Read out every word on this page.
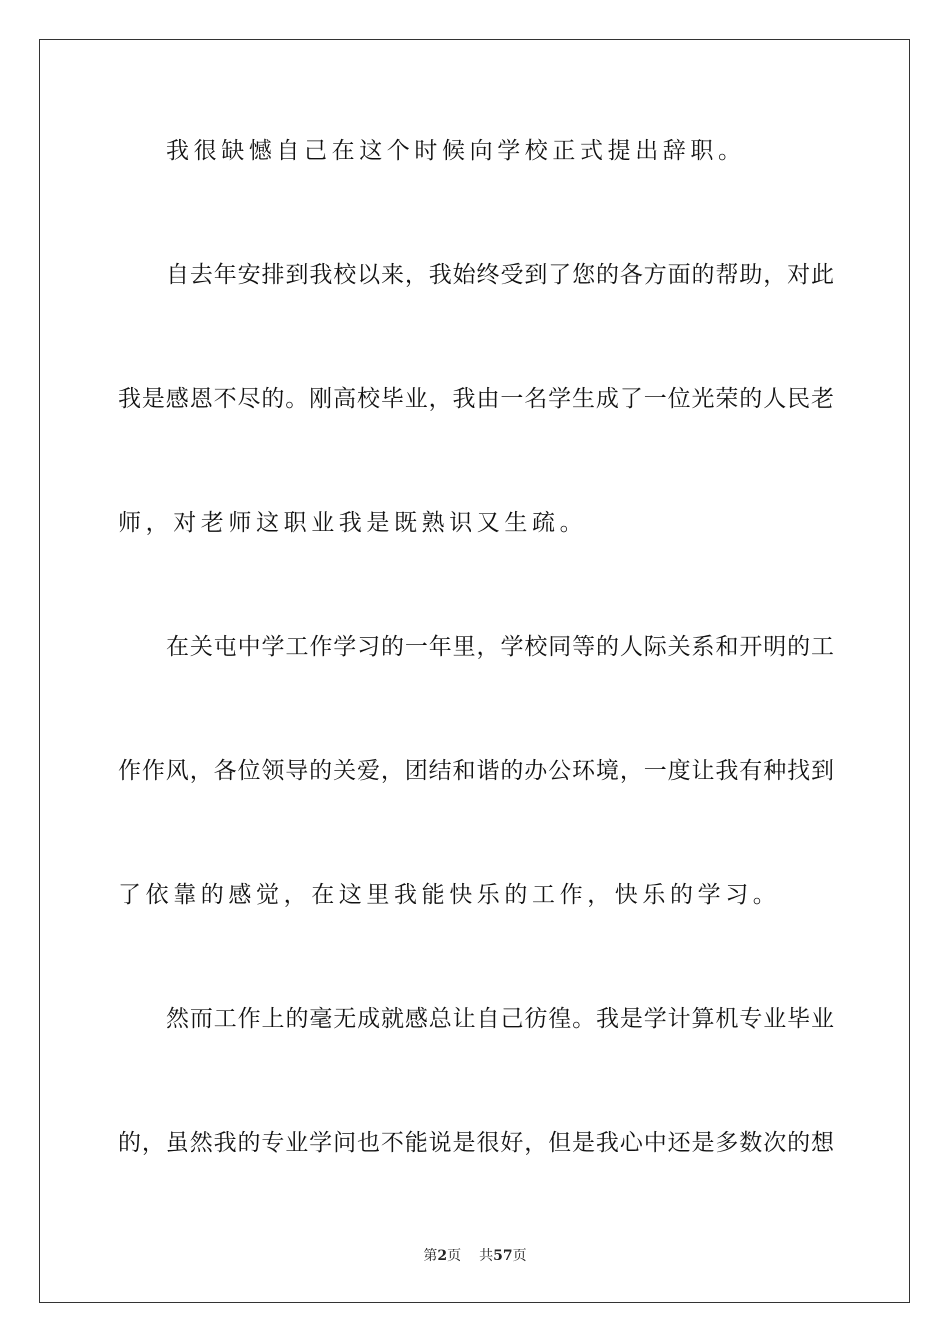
我很缺憾自己在这个时候向学校正式提出辞职。
自去年安排到我校以来，我始终受到了您的各方面的帮助，对此
我是感恩不尽的。刚高校毕业，我由一名学生成了一位光荣的人民老
师，对老师这职业我是既熟识又生疏。
在关屯中学工作学习的一年里，学校同等的人际关系和开明的工
作作风，各位领导的关爱，团结和谐的办公环境，一度让我有种找到
了依靠的感觉，在这里我能快乐的工作，快乐的学习。
然而工作上的毫无成就感总让自己彷徨。我是学计算机专业毕业
的，虽然我的专业学问也不能说是很好，但是我心中还是多数次的想
第2页 共57页
